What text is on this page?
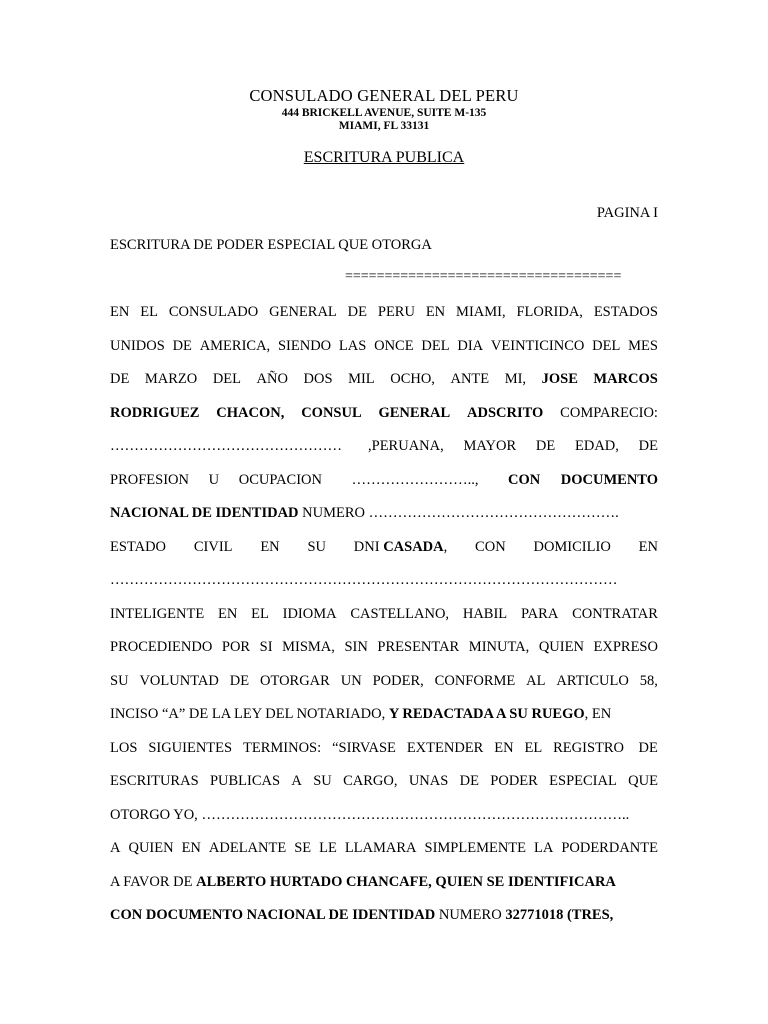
CONSULADO GENERAL DEL PERU
444 BRICKELL AVENUE, SUITE M-135
MIAMI, FL 33131
ESCRITURA PUBLICA
PAGINA I
ESCRITURA DE PODER ESPECIAL QUE OTORGA
===================================
EN EL CONSULADO GENERAL DE PERU EN MIAMI, FLORIDA, ESTADOS
UNIDOS DE AMERICA, SIENDO LAS ONCE DEL DIA VEINTICINCO DEL MES
DE MARZO DEL AÑO DOS MIL OCHO, ANTE MI, JOSE MARCOS
RODRIGUEZ CHACON, CONSUL GENERAL ADSCRITO COMPARECIO:
………………………………………… ,PERUANA, MAYOR DE EDAD, DE
PROFESION U OCUPACION …………………….., CON DOCUMENTO
NACIONAL DE IDENTIDAD NUMERO …………………………………………….
ESTADO CIVIL EN SU DNI CASADA, CON DOMICILIO EN
……………………………………………………………………………………………
INTELIGENTE EN EL IDIOMA CASTELLANO, HABIL PARA CONTRATAR
PROCEDIENDO POR SI MISMA, SIN PRESENTAR MINUTA, QUIEN EXPRESO
SU VOLUNTAD DE OTORGAR UN PODER, CONFORME AL ARTICULO 58,
INCISO “A” DE LA LEY DEL NOTARIADO, Y REDACTADA A SU RUEGO, EN
LOS SIGUIENTES TERMINOS: “SIRVASE EXTENDER EN EL REGISTRO DE
ESCRITURAS PUBLICAS A SU CARGO, UNAS DE PODER ESPECIAL QUE
OTORGO YO, ……………………………………………………………………………..
A QUIEN EN ADELANTE SE LE LLAMARA SIMPLEMENTE LA PODERDANTE
A FAVOR DE ALBERTO HURTADO CHANCAFE, QUIEN SE IDENTIFICARA
CON DOCUMENTO NACIONAL DE IDENTIDAD NUMERO 32771018 (TRES,
